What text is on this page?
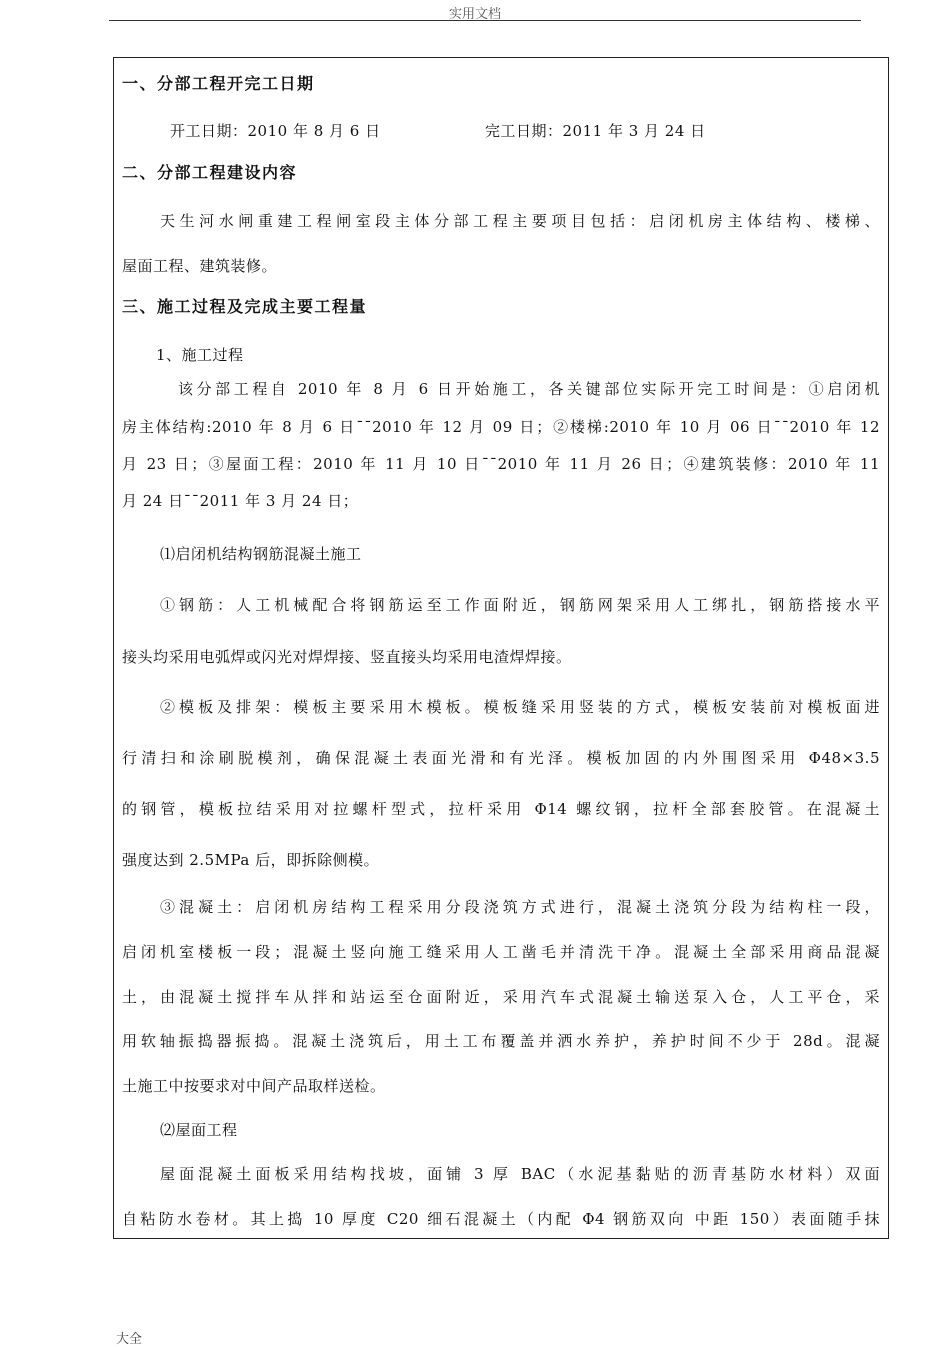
实用文档
一、分部工程开完工日期
开工日期：2010 年 8 月 6 日	完工日期：2011 年 3 月 24 日
二、分部工程建设内容
天生河水闸重建工程闸室段主体分部工程主要项目包括：启闭机房主体结构、楼梯、
屋面工程、建筑装修。
三、施工过程及完成主要工程量
1、施工过程
该分部工程自 2010 年 8 月 6 日开始施工，各关键部位实际开完工时间是：①启闭机
房主体结构:2010 年 8 月 6 日¯¯2010 年 12 月 09 日；②楼梯:2010 年 10 月 06 日¯¯2010 年 12
月 23 日；③屋面工程：2010 年 11 月 10 日¯¯2010 年 11 月 26 日；④建筑装修：2010 年 11
月 24 日¯¯2011 年 3 月 24 日；
⑴启闭机结构钢筋混凝土施工
①钢筋：人工机械配合将钢筋运至工作面附近，钢筋网架采用人工绑扎，钢筋搭接水平
接头均采用电弧焊或闪光对焊焊接、竖直接头均采用电渣焊焊接。
②模板及排架：模板主要采用木模板。模板缝采用竖装的方式，模板安装前对模板面进
行清扫和涂刷脱模剂，确保混凝土表面光滑和有光泽。模板加固的内外围图采用 Φ48×3.5
的钢管，模板拉结采用对拉螺杆型式，拉杆采用 Φ14 螺纹钢，拉杆全部套胶管。在混凝土
强度达到 2.5MPa 后，即拆除侧模。
③混凝土：启闭机房结构工程采用分段浇筑方式进行，混凝土浇筑分段为结构柱一段，
启闭机室楼板一段；混凝土竖向施工缝采用人工凿毛并清洗干净。混凝土全部采用商品混凝
土，由混凝土搅拌车从拌和站运至仓面附近，采用汽车式混凝土输送泵入仓，人工平仓，采
用软轴振捣器振捣。混凝土浇筑后，用土工布覆盖并洒水养护，养护时间不少于 28d。混凝
土施工中按要求对中间产品取样送检。
⑵屋面工程
屋面混凝土面板采用结构找坡，面铺 3 厚 BAC（水泥基黏贴的沥青基防水材料）双面
自粘防水卷材。其上捣 10 厚度 C20 细石混凝土（内配 Φ4 钢筋双向 中距 150）表面随手抹
大全
